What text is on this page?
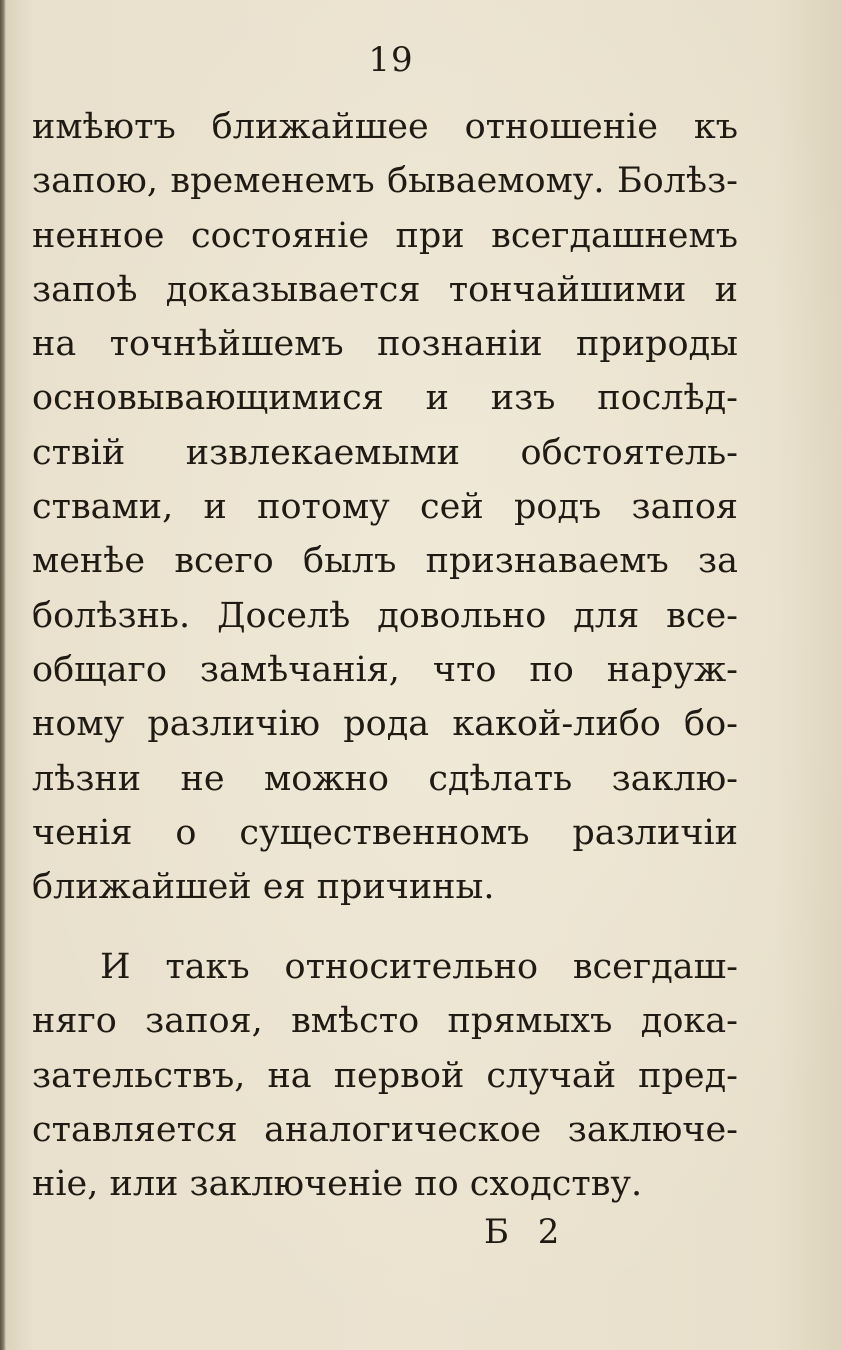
19
имѣютъ ближайшее отношеніе къ
запою, временемъ бываемому. Болѣз-
ненное состояніе при всегдашнемъ
запоѣ доказывается тончайшими и
на точнѣйшемъ познаніи природы
основывающимися и изъ послѣд-
ствій извлекаемыми обстоятель-
ствами, и потому сей родъ запоя
менѣе всего былъ признаваемъ за
болѣзнь. Доселѣ довольно для все-
общаго замѣчанія, что по наруж-
ному различію рода какой-либо бо-
лѣзни не можно сдѣлать заклю-
ченія о существенномъ различіи
ближайшей ея причины.
И такъ относительно всегдаш-
няго запоя, вмѣсто прямыхъ дока-
зательствъ, на первой случай пред-
ставляется аналогическое заключе-
ніе, или заключеніе по сходству.
Б 2
